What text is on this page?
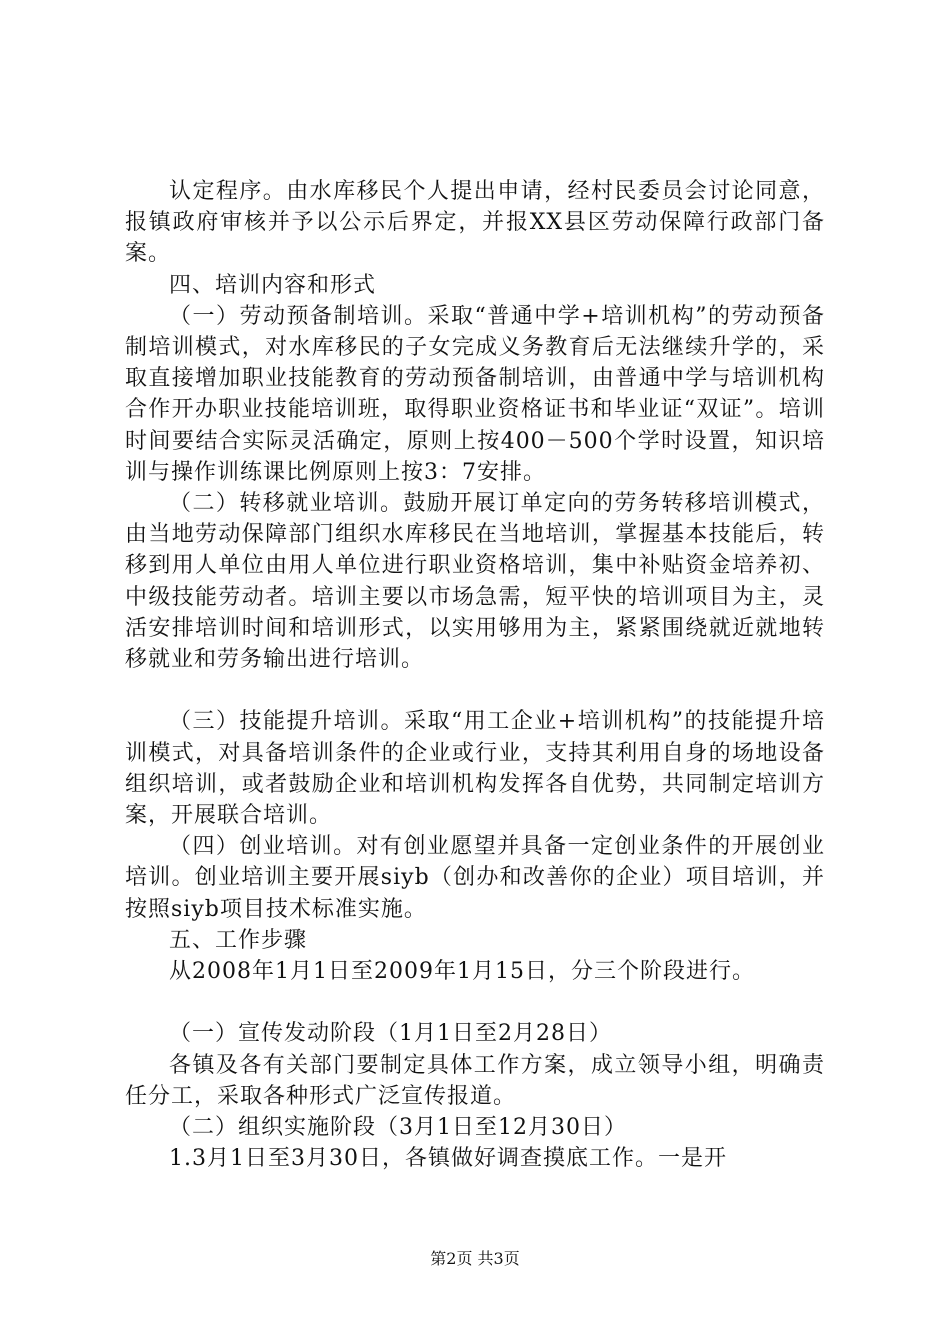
认定程序。由水库移民个人提出申请，经村民委员会讨论同意，报镇政府审核并予以公示后界定，并报XX县区劳动保障行政部门备案。

四、培训内容和形式

（一）劳动预备制培训。采取“普通中学+培训机构”的劳动预备制培训模式，对水库移民的子女完成义务教育后无法继续升学的，采取直接增加职业技能教育的劳动预备制培训，由普通中学与培训机构合作开办职业技能培训班，取得职业资格证书和毕业证“双证”。培训时间要结合实际灵活确定，原则上按400－500个学时设置，知识培训与操作训练课比例原则上按3：7安排。

（二）转移就业培训。鼓励开展订单定向的劳务转移培训模式，由当地劳动保障部门组织水库移民在当地培训，掌握基本技能后，转移到用人单位由用人单位进行职业资格培训，集中补贴资金培养初、中级技能劳动者。培训主要以市场急需，短平快的培训项目为主，灵活安排培训时间和培训形式，以实用够用为主，紧紧围绕就近就地转移就业和劳务输出进行培训。

（三）技能提升培训。采取“用工企业+培训机构”的技能提升培训模式，对具备培训条件的企业或行业，支持其利用自身的场地设备组织培训，或者鼓励企业和培训机构发挥各自优势，共同制定培训方案，开展联合培训。

（四）创业培训。对有创业愿望并具备一定创业条件的开展创业培训。创业培训主要开展siyb（创办和改善你的企业）项目培训，并按照siyb项目技术标准实施。

五、工作步骤

从2008年1月1日至2009年1月15日，分三个阶段进行。

（一）宣传发动阶段（1月1日至2月28日）

各镇及各有关部门要制定具体工作方案，成立领导小组，明确责任分工，采取各种形式广泛宣传报道。

（二）组织实施阶段（3月1日至12月30日）

1.3月1日至3月30日，各镇做好调查摸底工作。一是开

第2页 共3页
